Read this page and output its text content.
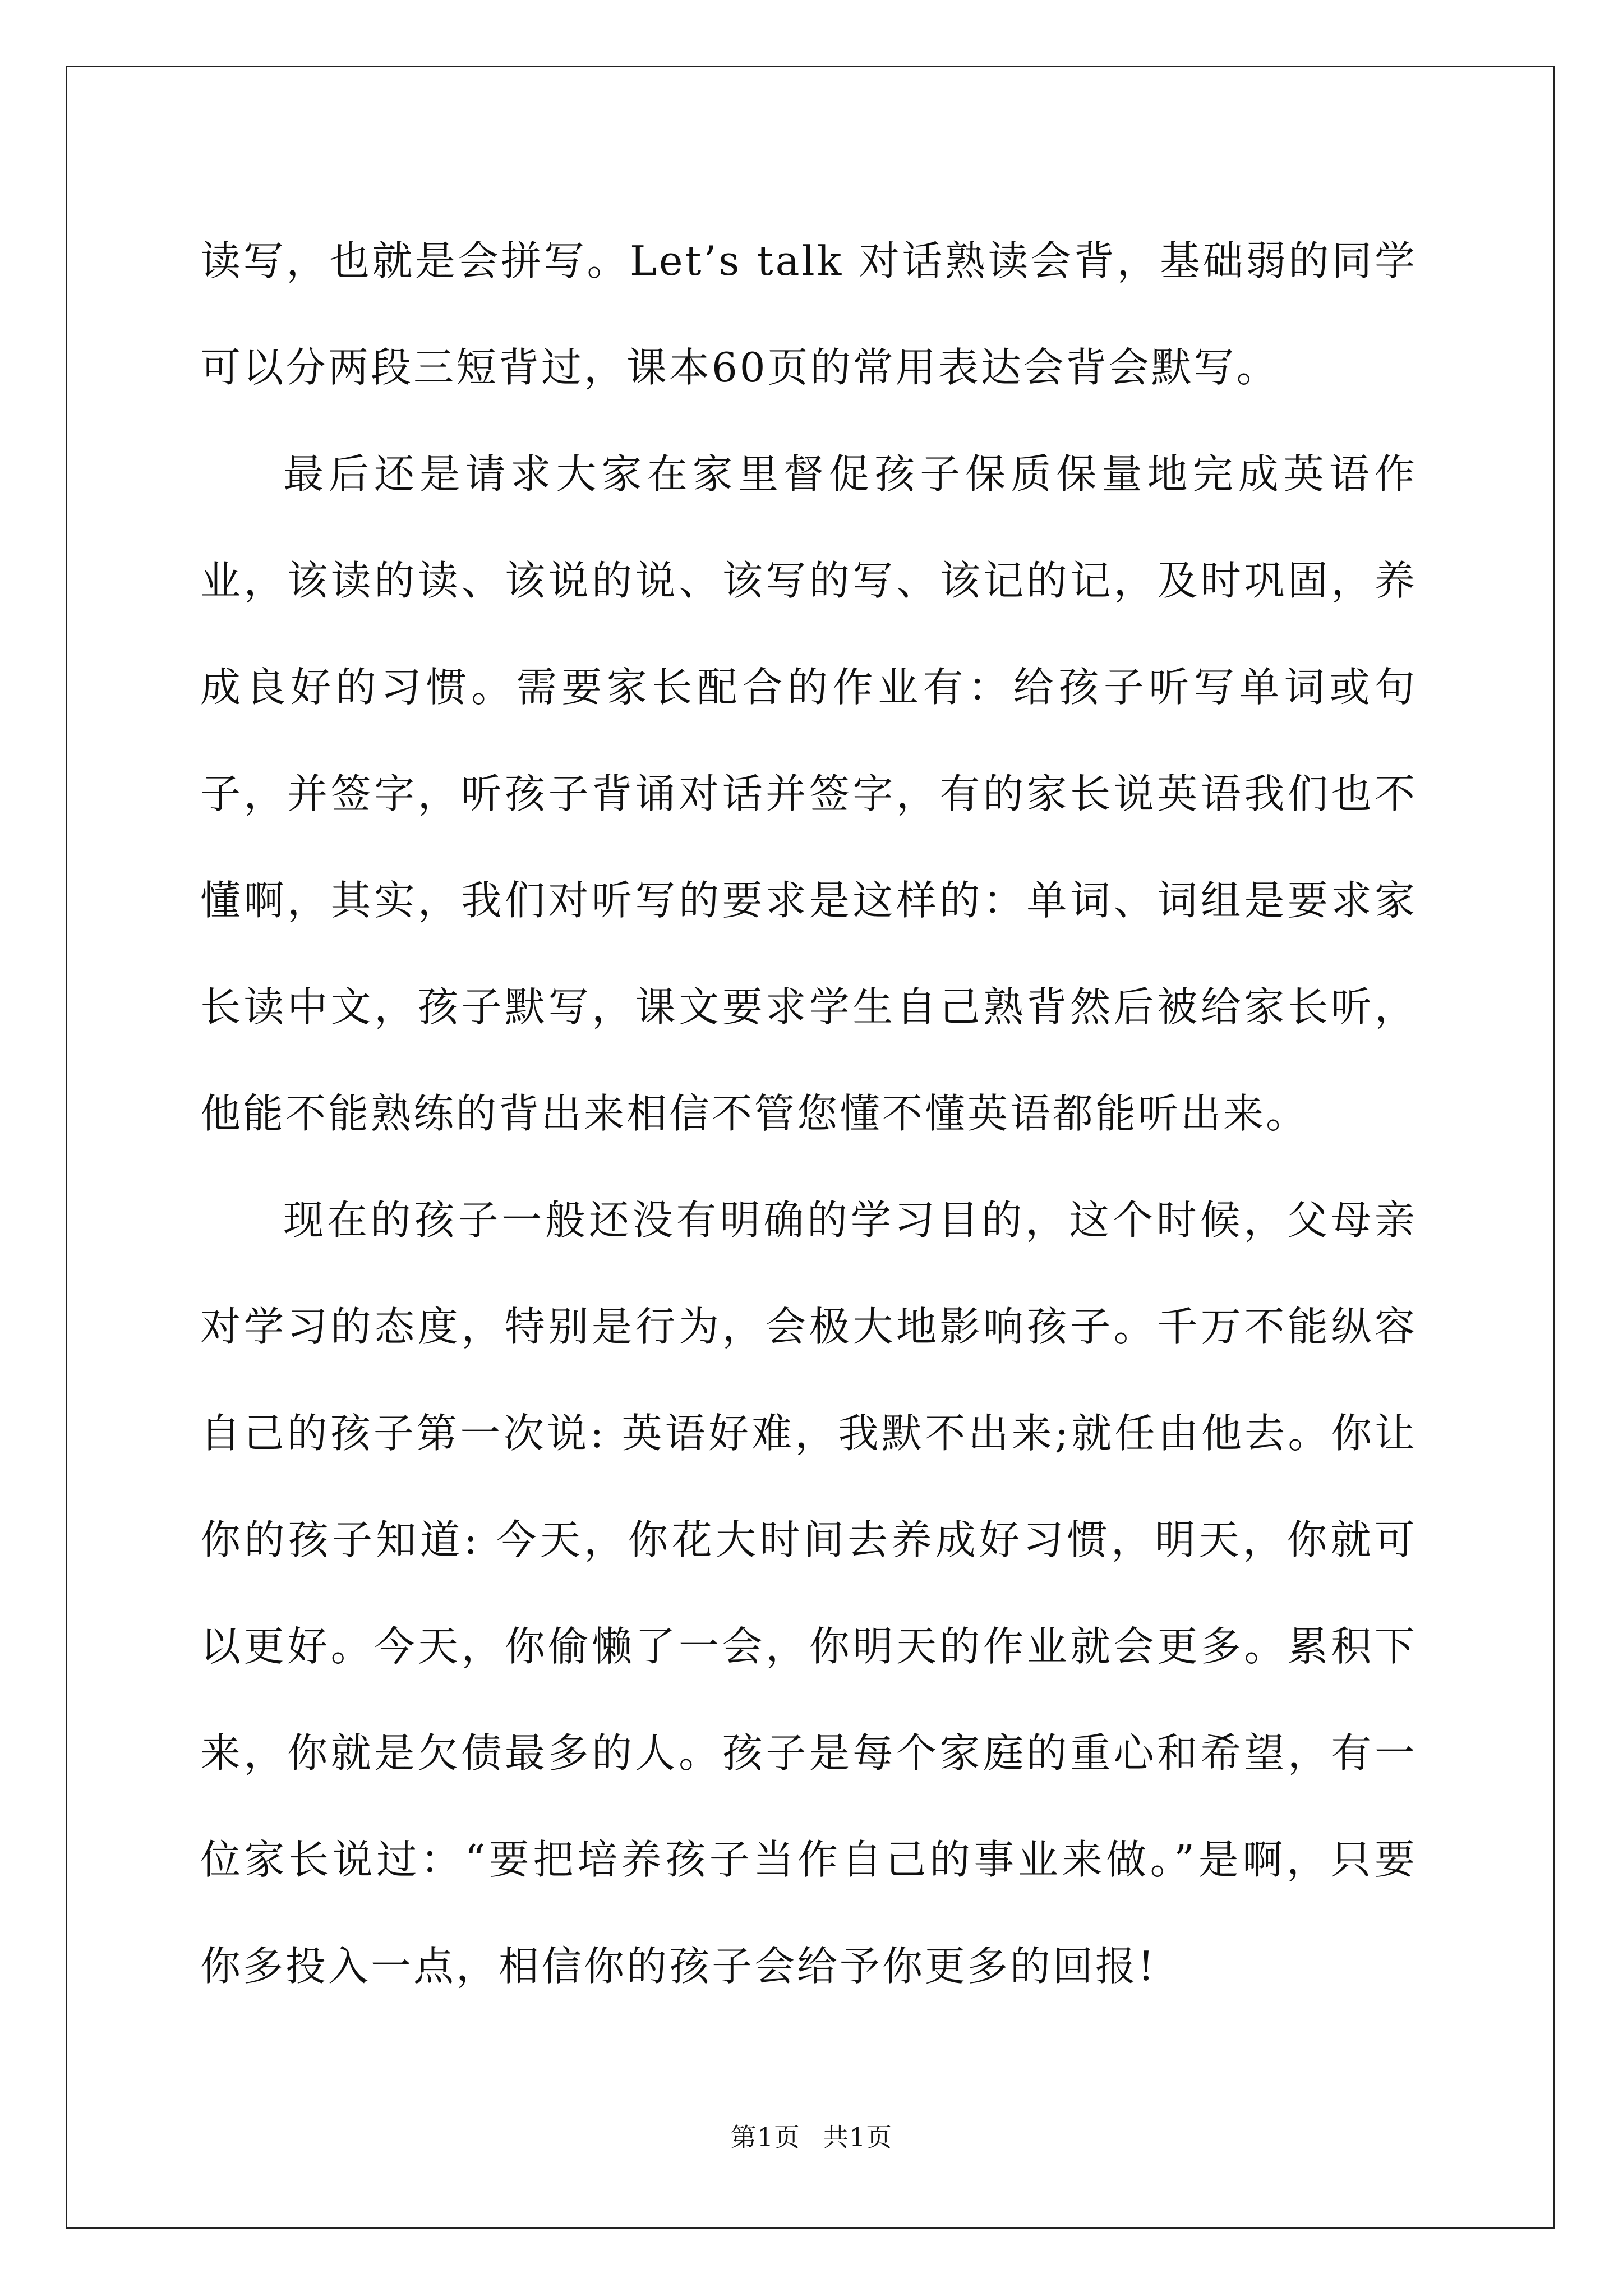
读写，也就是会拼写。Let’s talk 对话熟读会背，基础弱的同学可以分两段三短背过，课本60页的常用表达会背会默写。

最后还是请求大家在家里督促孩子保质保量地完成英语作业，该读的读、该说的说、该写的写、该记的记，及时巩固，养成良好的习惯。需要家长配合的作业有：给孩子听写单词或句子，并签字，听孩子背诵对话并签字，有的家长说英语我们也不懂啊，其实，我们对听写的要求是这样的：单词、词组是要求家长读中文，孩子默写，课文要求学生自己熟背然后被给家长听，他能不能熟练的背出来相信不管您懂不懂英语都能听出来。

现在的孩子一般还没有明确的学习目的，这个时候，父母亲对学习的态度，特别是行为，会极大地影响孩子。千万不能纵容自己的孩子第一次说: 英语好难，我默不出来;就任由他去。你让你的孩子知道: 今天，你花大时间去养成好习惯，明天，你就可以更好。今天，你偷懒了一会，你明天的作业就会更多。累积下来，你就是欠债最多的人。孩子是每个家庭的重心和希望，有一位家长说过：“要把培养孩子当作自己的事业来做。”是啊，只要你多投入一点，相信你的孩子会给予你更多的回报!

第1页 共1页
